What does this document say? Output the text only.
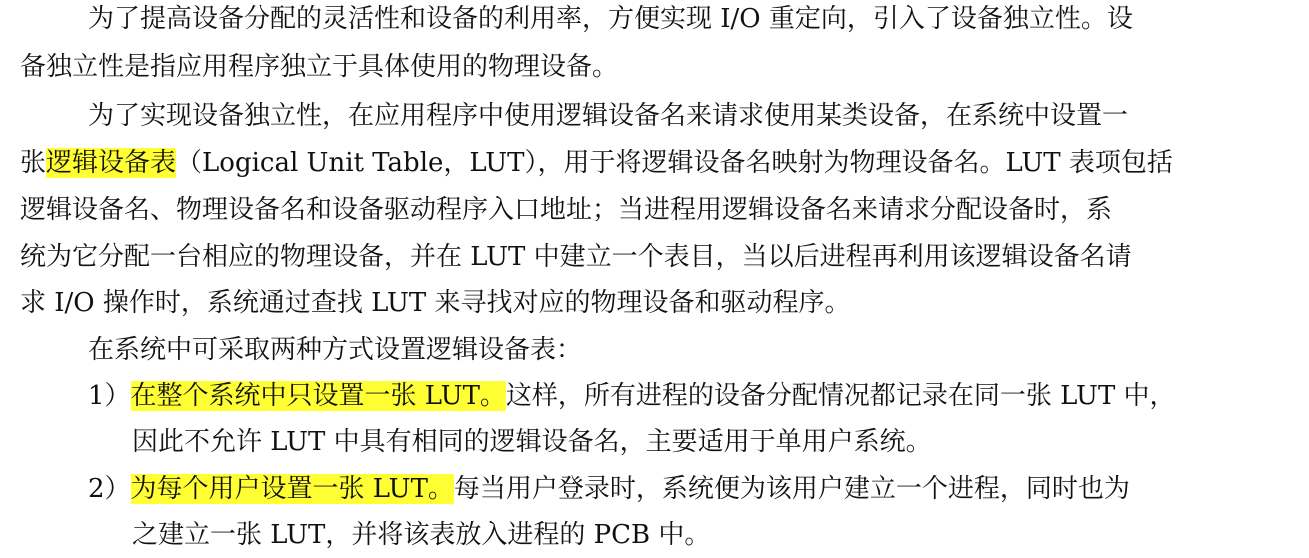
为了提高设备分配的灵活性和设备的利用率，方便实现 I/O 重定向，引入了设备独立性。设
备独立性是指应用程序独立于具体使用的物理设备。
为了实现设备独立性，在应用程序中使用逻辑设备名来请求使用某类设备，在系统中设置一
张逻辑设备表（Logical Unit Table，LUT），用于将逻辑设备名映射为物理设备名。LUT 表项包括
逻辑设备名、物理设备名和设备驱动程序入口地址；当进程用逻辑设备名来请求分配设备时，系
统为它分配一台相应的物理设备，并在 LUT 中建立一个表目，当以后进程再利用该逻辑设备名请
求 I/O 操作时，系统通过查找 LUT 来寻找对应的物理设备和驱动程序。
在系统中可采取两种方式设置逻辑设备表：
1）在整个系统中只设置一张 LUT。这样，所有进程的设备分配情况都记录在同一张 LUT 中，
因此不允许 LUT 中具有相同的逻辑设备名，主要适用于单用户系统。
2）为每个用户设置一张 LUT。每当用户登录时，系统便为该用户建立一个进程，同时也为
之建立一张 LUT，并将该表放入进程的 PCB 中。
